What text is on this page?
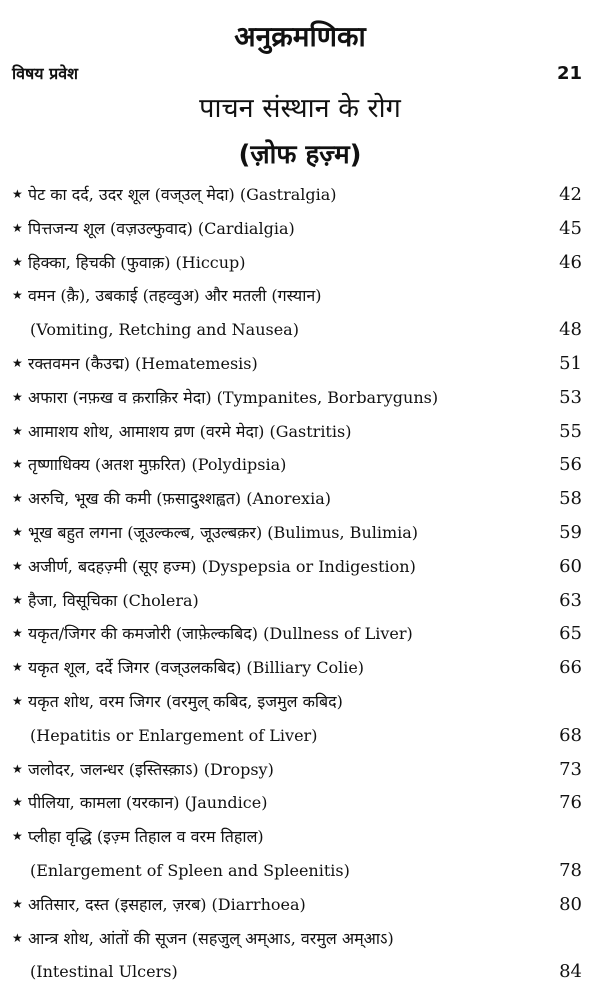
अनुक्रमणिका
विषय प्रवेश	21
पाचन संस्थान के रोग
(ज़ोफ हज़्म)
★ पेट का दर्द, उदर शूल (वज्उल् मेदा) (Gastralgia)	42
★ पित्तजन्य शूल (वज़उल्फुवाद) (Cardialgia)	45
★ हिक्का, हिचकी (फुवाक़) (Hiccup)	46
★ वमन (क़ै), उबकाई (तहव्वुअ) और मतली (गस्यान)
(Vomiting, Retching and Nausea)	48
★ रक्तवमन (कैउद्म) (Hematemesis)	51
★ अफारा (नफ़ख व क़राक़िर मेदा) (Tympanites, Borbaryguns)	53
★ आमाशय शोथ, आमाशय व्रण (वरमे मेदा) (Gastritis)	55
★ तृष्णाधिक्य (अतश मुफ़रित) (Polydipsia)	56
★ अरुचि, भूख की कमी (फ़सादुश्शह्वत) (Anorexia)	58
★ भूख बहुत लगना (जूउल्कल्ब, जूउल्बक़र) (Bulimus, Bulimia)	59
★ अजीर्ण, बदहज़्मी (सूए हज्म) (Dyspepsia or Indigestion)	60
★ हैजा, विसूचिका (Cholera)	63
★ यकृत/जिगर की कमजोरी (जाफ़ेल्कबिद) (Dullness of Liver)	65
★ यकृत शूल, दर्दे जिगर (वज्उलकबिद) (Billiary Colie)	66
★ यकृत शोथ, वरम जिगर (वरमुल् कबिद, इजमुल कबिद)
(Hepatitis or Enlargement of Liver)	68
★ जलोदर, जलन्धर (इस्तिस्क़ाऽ) (Dropsy)	73
★ पीलिया, कामला (यरकान) (Jaundice)	76
★ प्लीहा वृद्धि (इज़्म तिहाल व वरम तिहाल)
(Enlargement of Spleen and Spleenitis)	78
★ अतिसार, दस्त (इसहाल, ज़रब) (Diarrhoea)	80
★ आन्त्र शोथ, आंतों की सूजन (सहजुल् अम्आऽ, वरमुल अम्आऽ)
(Intestinal Ulcers)	84
